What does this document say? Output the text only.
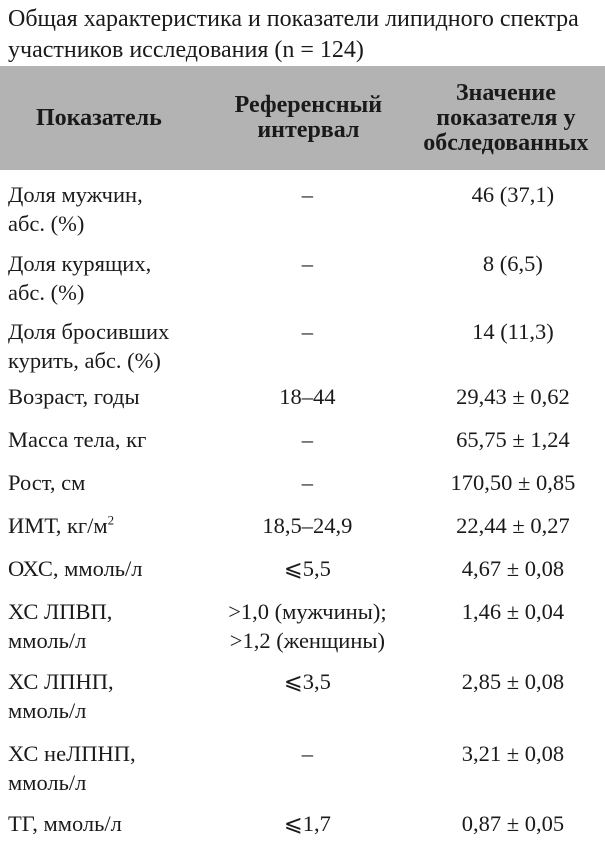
Общая характеристика и показатели липидного спектра участников исследования (n = 124)
Показатель	Референсный интервал	Значение показателя у обследованных

Доля мужчин, абс. (%)	–	46 (37,1)

Доля курящих, абс. (%)	–	8 (6,5)

Доля бросивших курить, абс. (%)	–	14 (11,3)
Возраст, годы	18–44	29,43 ± 0,62
Масса тела, кг	–	65,75 ± 1,24
Рост, см	–	170,50 ± 0,85
ИМТ, $кг/м^2$	18,5–24,9	22,44 ± 0,27
ОХС, ммоль/л	⩽5,5	4,67 ± 0,08

ХС ЛПВП, ммоль/л	>1,0 (мужчины); >1,2 (женщины)	1,46 ± 0,04

ХС ЛПНП, ммоль/л	⩽3,5	2,85 ± 0,08

ХС неЛПНП, ммоль/л	–	3,21 ± 0,08
ТГ, ммоль/л	⩽1,7	0,87 ± 0,05
